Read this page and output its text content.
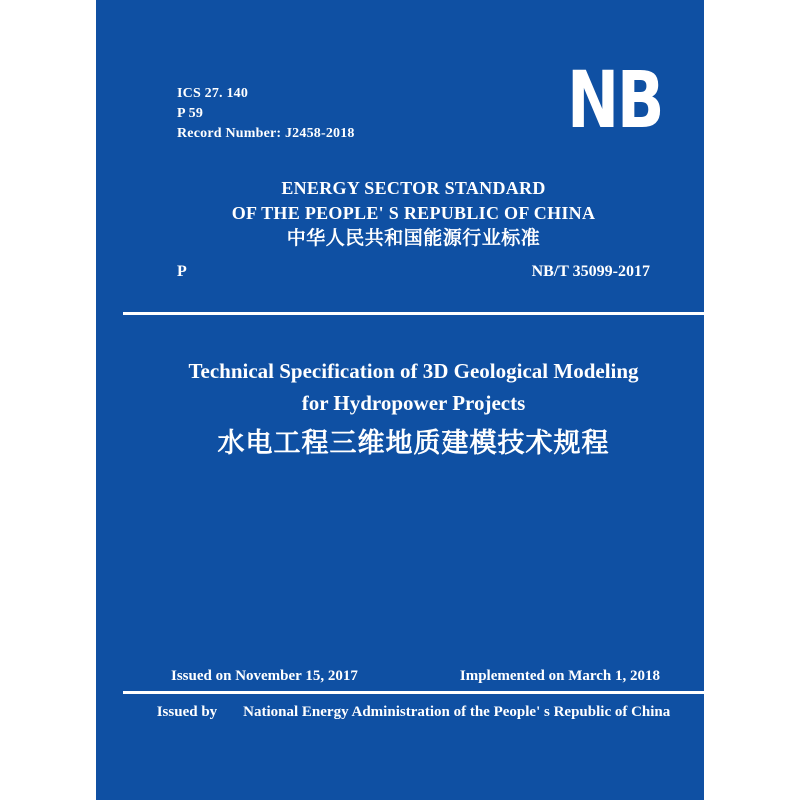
ICS 27. 140
P 59
Record Number: J2458-2018	NB
ENERGY SECTOR STANDARD
OF THE PEOPLE' S REPUBLIC OF CHINA
中华人民共和国能源行业标准
P	NB/T 35099-2017
Technical Specification of 3D Geological Modeling
for Hydropower Projects
水电工程三维地质建模技术规程
Issued on November 15, 2017	Implemented on March 1, 2018
Issued by National Energy Administration of the People' s Republic of China
